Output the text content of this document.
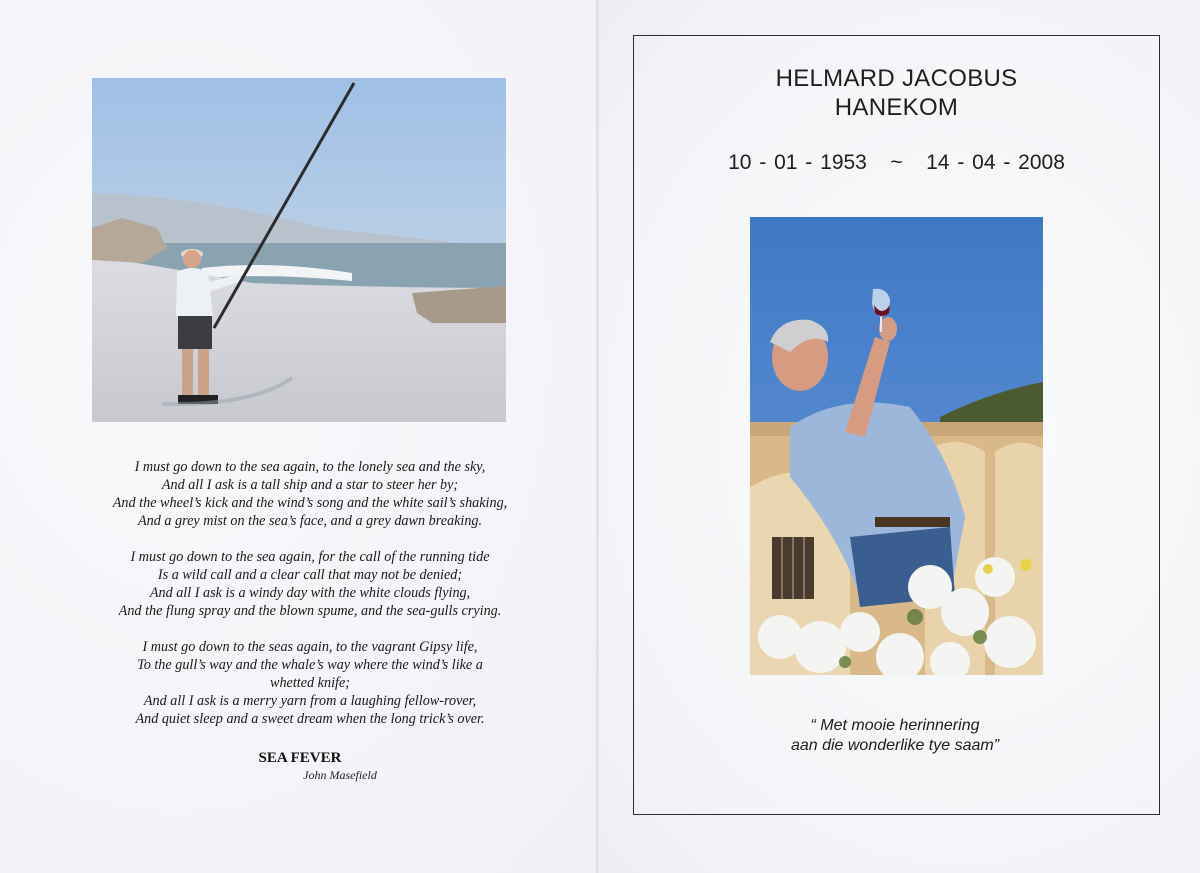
I must go down to the sea again, to the lonely sea and the sky,
And all I ask is a tall ship and a star to steer her by;
And the wheel’s kick and the wind’s song and the white sail’s shaking,
And a grey mist on the sea’s face, and a grey dawn breaking.
I must go down to the sea again, for the call of the running tide
Is a wild call and a clear call that may not be denied;
And all I ask is a windy day with the white clouds flying,
And the flung spray and the blown spume, and the sea-gulls crying.
I must go down to the seas again, to the vagrant Gipsy life,
To the gull’s way and the whale’s way where the wind’s like a
whetted knife;
And all I ask is a merry yarn from a laughing fellow-rover,
And quiet sleep and a sweet dream when the long trick’s over.
SEA FEVER
John Masefield
HELMARD JACOBUS
HANEKOM
10 - 01 - 1953   ~   14 - 04 - 2008
“ Met mooie herinnering
aan die wonderlike tye saam”
